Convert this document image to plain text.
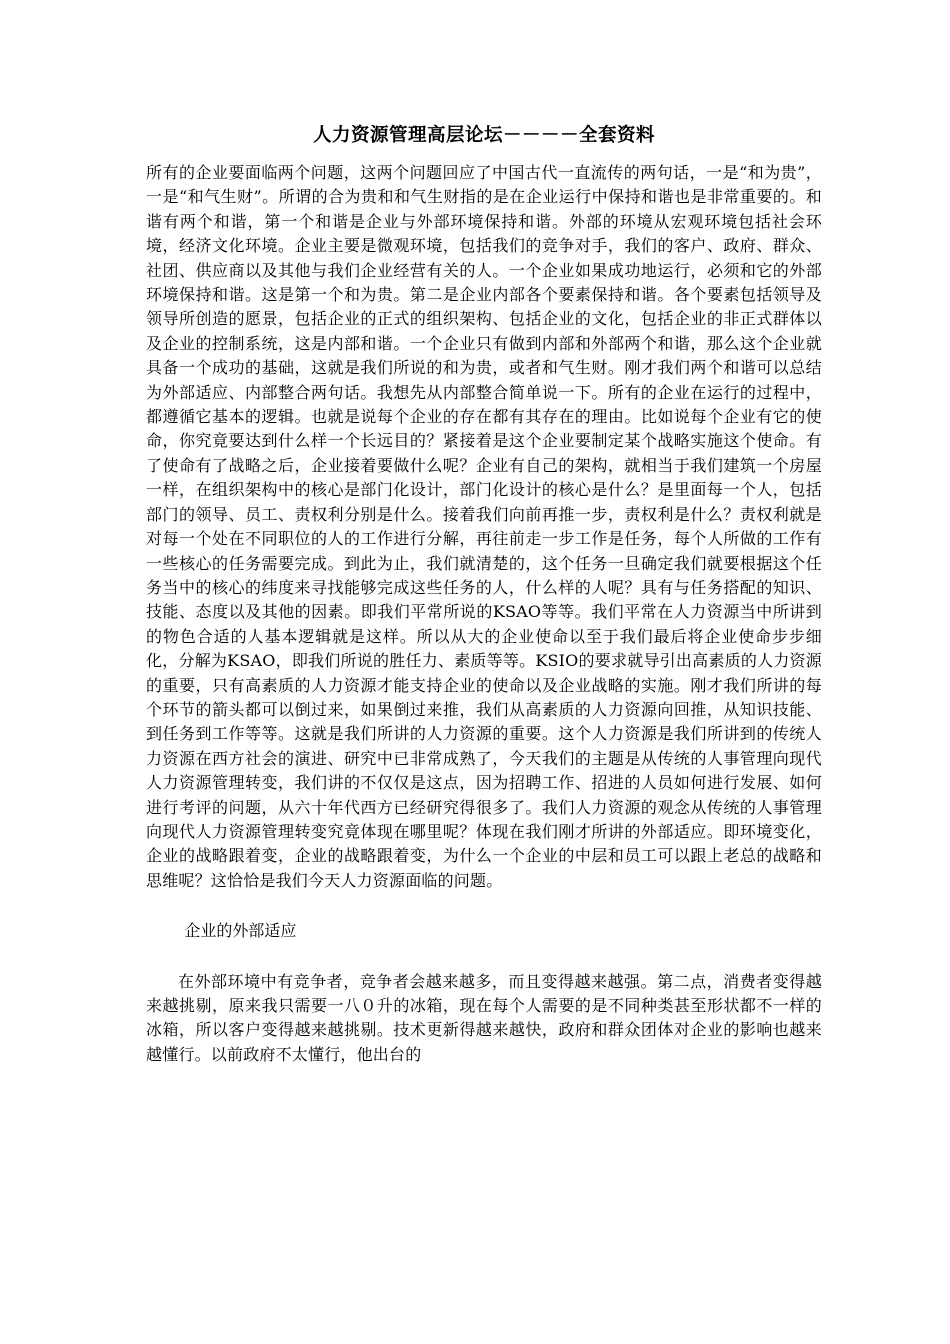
人力资源管理高层论坛－－－－全套资料

所有的企业要面临两个问题，这两个问题回应了中国古代一直流传的两句话，一是“和为贵”，一是“和气生财”。所谓的合为贵和和气生财指的是在企业运行中保持和谐也是非常重要的。和谐有两个和谐，第一个和谐是企业与外部环境保持和谐。外部的环境从宏观环境包括社会环境，经济文化环境。企业主要是微观环境，包括我们的竞争对手，我们的客户、政府、群众、社团、供应商以及其他与我们企业经营有关的人。一个企业如果成功地运行，必须和它的外部环境保持和谐。这是第一个和为贵。第二是企业内部各个要素保持和谐。各个要素包括领导及领导所创造的愿景，包括企业的正式的组织架构、包括企业的文化，包括企业的非正式群体以及企业的控制系统，这是内部和谐。一个企业只有做到内部和外部两个和谐，那么这个企业就具备一个成功的基础，这就是我们所说的和为贵，或者和气生财。刚才我们两个和谐可以总结为外部适应、内部整合两句话。我想先从内部整合简单说一下。所有的企业在运行的过程中，都遵循它基本的逻辑。也就是说每个企业的存在都有其存在的理由。比如说每个企业有它的使命，你究竟要达到什么样一个长远目的？紧接着是这个企业要制定某个战略实施这个使命。有了使命有了战略之后，企业接着要做什么呢？企业有自己的架构，就相当于我们建筑一个房屋一样，在组织架构中的核心是部门化设计，部门化设计的核心是什么？是里面每一个人，包括部门的领导、员工、责权利分别是什么。接着我们向前再推一步，责权利是什么？责权利就是对每一个处在不同职位的人的工作进行分解，再往前走一步工作是任务，每个人所做的工作有一些核心的任务需要完成。到此为止，我们就清楚的，这个任务一旦确定我们就要根据这个任务当中的核心的纬度来寻找能够完成这些任务的人，什么样的人呢？具有与任务搭配的知识、技能、态度以及其他的因素。即我们平常所说的KSAO等等。我们平常在人力资源当中所讲到的物色合适的人基本逻辑就是这样。所以从大的企业使命以至于我们最后将企业使命步步细化，分解为KSAO，即我们所说的胜任力、素质等等。KSIO的要求就导引出高素质的人力资源的重要，只有高素质的人力资源才能支持企业的使命以及企业战略的实施。刚才我们所讲的每个环节的箭头都可以倒过来，如果倒过来推，我们从高素质的人力资源向回推，从知识技能、到任务到工作等等。这就是我们所讲的人力资源的重要。这个人力资源是我们所讲到的传统人力资源在西方社会的演进、研究中已非常成熟了，今天我们的主题是从传统的人事管理向现代人力资源管理转变，我们讲的不仅仅是这点，因为招聘工作、招进的人员如何进行发展、如何进行考评的问题，从六十年代西方已经研究得很多了。我们人力资源的观念从传统的人事管理向现代人力资源管理转变究竟体现在哪里呢？体现在我们刚才所讲的外部适应。即环境变化，企业的战略跟着变，企业的战略跟着变，为什么一个企业的中层和员工可以跟上老总的战略和思维呢？这恰恰是我们今天人力资源面临的问题。

企业的外部适应

在外部环境中有竞争者，竞争者会越来越多，而且变得越来越强。第二点，消费者变得越来越挑剔，原来我只需要一八０升的冰箱，现在每个人需要的是不同种类甚至形状都不一样的冰箱，所以客户变得越来越挑剔。技术更新得越来越快，政府和群众团体对企业的影响也越来越懂行。以前政府不太懂行，他出台的
